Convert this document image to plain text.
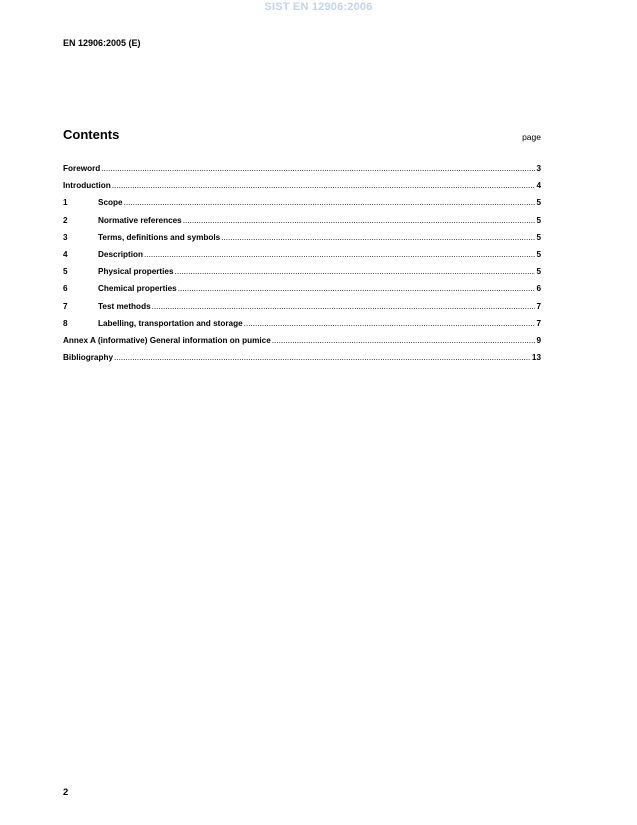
SIST EN 12906:2006
EN 12906:2005 (E)
Contents	page
Foreword .....	3
Introduction .....	4
1	Scope .....	5
2	Normative references .....	5
3	Terms, definitions and symbols .....	5
4	Description .....	5
5	Physical properties .....	5
6	Chemical properties .....	6
7	Test methods .....	7
8	Labelling, transportation and storage .....	7
Annex A (informative) General information on pumice .....	9
Bibliography .....	13
2
